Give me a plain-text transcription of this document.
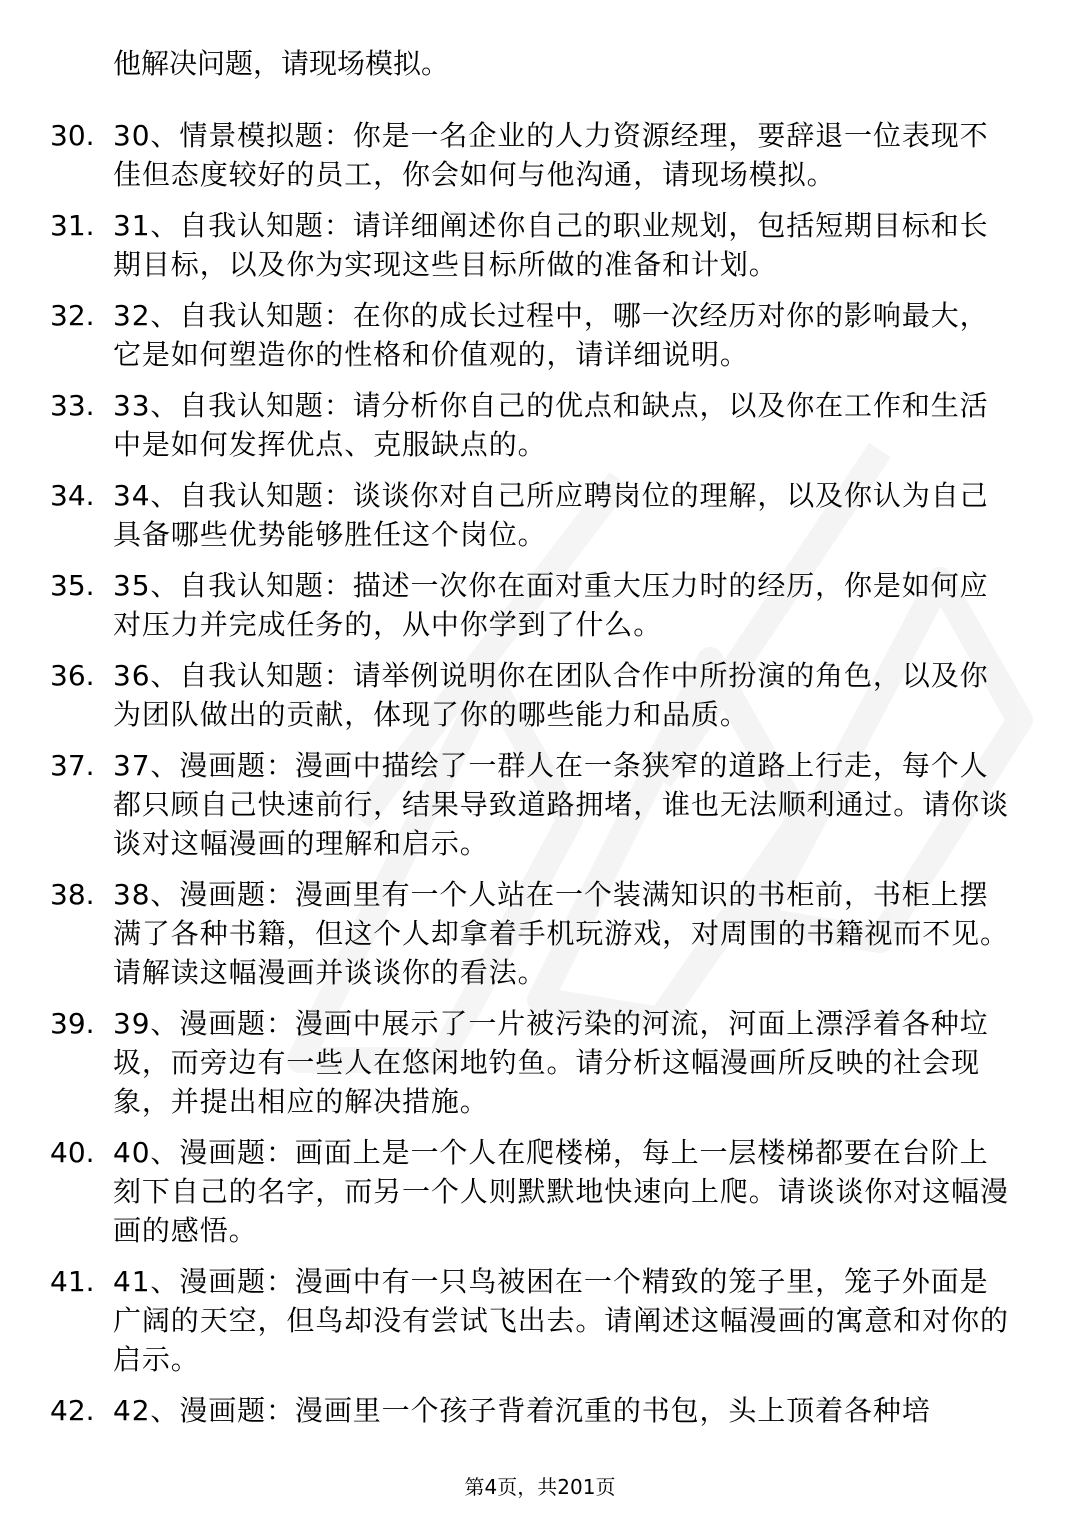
他解决问题，请现场模拟。
30. 30、情景模拟题：你是一名企业的人力资源经理，要辞退一位表现不佳但态度较好的员工，你会如何与他沟通，请现场模拟。
31. 31、自我认知题：请详细阐述你自己的职业规划，包括短期目标和长期目标，以及你为实现这些目标所做的准备和计划。
32. 32、自我认知题：在你的成长过程中，哪一次经历对你的影响最大，它是如何塑造你的性格和价值观的，请详细说明。
33. 33、自我认知题：请分析你自己的优点和缺点，以及你在工作和生活中是如何发挥优点、克服缺点的。
34. 34、自我认知题：谈谈你对自己所应聘岗位的理解，以及你认为自己具备哪些优势能够胜任这个岗位。
35. 35、自我认知题：描述一次你在面对重大压力时的经历，你是如何应对压力并完成任务的，从中你学到了什么。
36. 36、自我认知题：请举例说明你在团队合作中所扮演的角色，以及你为团队做出的贡献，体现了你的哪些能力和品质。
37. 37、漫画题：漫画中描绘了一群人在一条狭窄的道路上行走，每个人都只顾自己快速前行，结果导致道路拥堵，谁也无法顺利通过。请你谈谈对这幅漫画的理解和启示。
38. 38、漫画题：漫画里有一个人站在一个装满知识的书柜前，书柜上摆满了各种书籍，但这个人却拿着手机玩游戏，对周围的书籍视而不见。请解读这幅漫画并谈谈你的看法。
39. 39、漫画题：漫画中展示了一片被污染的河流，河面上漂浮着各种垃圾，而旁边有一些人在悠闲地钓鱼。请分析这幅漫画所反映的社会现象，并提出相应的解决措施。
40. 40、漫画题：画面上是一个人在爬楼梯，每上一层楼梯都要在台阶上刻下自己的名字，而另一个人则默默地快速向上爬。请谈谈你对这幅漫画的感悟。
41. 41、漫画题：漫画中有一只鸟被困在一个精致的笼子里，笼子外面是广阔的天空，但鸟却没有尝试飞出去。请阐述这幅漫画的寓意和对你的启示。
42. 42、漫画题：漫画里一个孩子背着沉重的书包，头上顶着各种培
第4页，共201页
